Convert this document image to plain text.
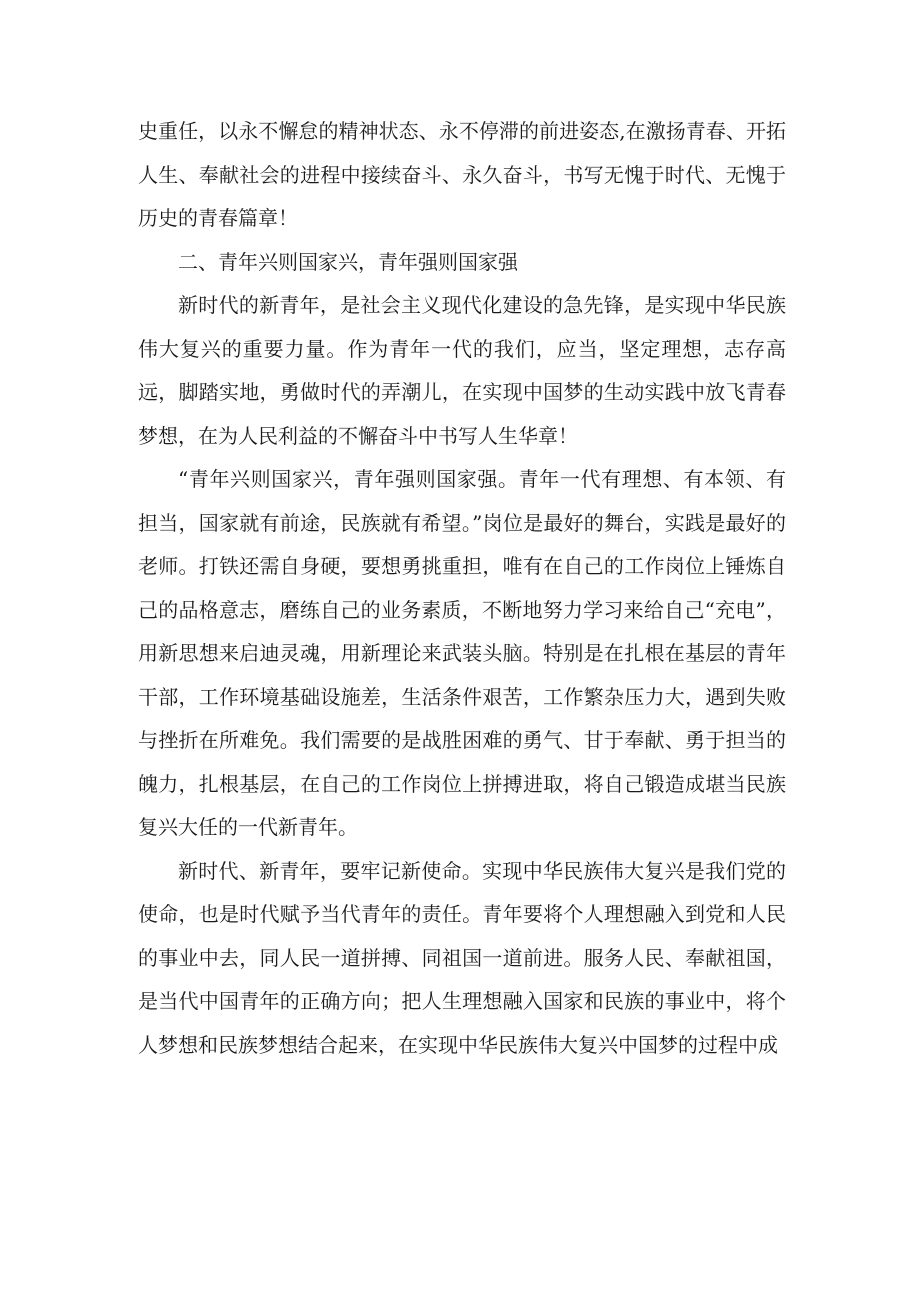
史重任，以永不懈怠的精神状态、永不停滞的前进姿态,在激扬青春、开拓人生、奉献社会的进程中接续奋斗、永久奋斗，书写无愧于时代、无愧于历史的青春篇章！

二、青年兴则国家兴，青年强则国家强

新时代的新青年，是社会主义现代化建设的急先锋，是实现中华民族伟大复兴的重要力量。作为青年一代的我们，应当，坚定理想，志存高远，脚踏实地，勇做时代的弄潮儿，在实现中国梦的生动实践中放飞青春梦想，在为人民利益的不懈奋斗中书写人生华章！

“青年兴则国家兴，青年强则国家强。青年一代有理想、有本领、有担当，国家就有前途，民族就有希望。”岗位是最好的舞台，实践是最好的老师。打铁还需自身硬，要想勇挑重担，唯有在自己的工作岗位上锤炼自己的品格意志，磨练自己的业务素质，不断地努力学习来给自己“充电”，用新思想来启迪灵魂，用新理论来武装头脑。特别是在扎根在基层的青年干部，工作环境基础设施差，生活条件艰苦，工作繁杂压力大，遇到失败与挫折在所难免。我们需要的是战胜困难的勇气、甘于奉献、勇于担当的魄力，扎根基层，在自己的工作岗位上拼搏进取，将自己锻造成堪当民族复兴大任的一代新青年。

新时代、新青年，要牢记新使命。实现中华民族伟大复兴是我们党的使命，也是时代赋予当代青年的责任。青年要将个人理想融入到党和人民的事业中去，同人民一道拼搏、同祖国一道前进。服务人民、奉献祖国，是当代中国青年的正确方向；把人生理想融入国家和民族的事业中，将个人梦想和民族梦想结合起来，在实现中华民族伟大复兴中国梦的过程中成
